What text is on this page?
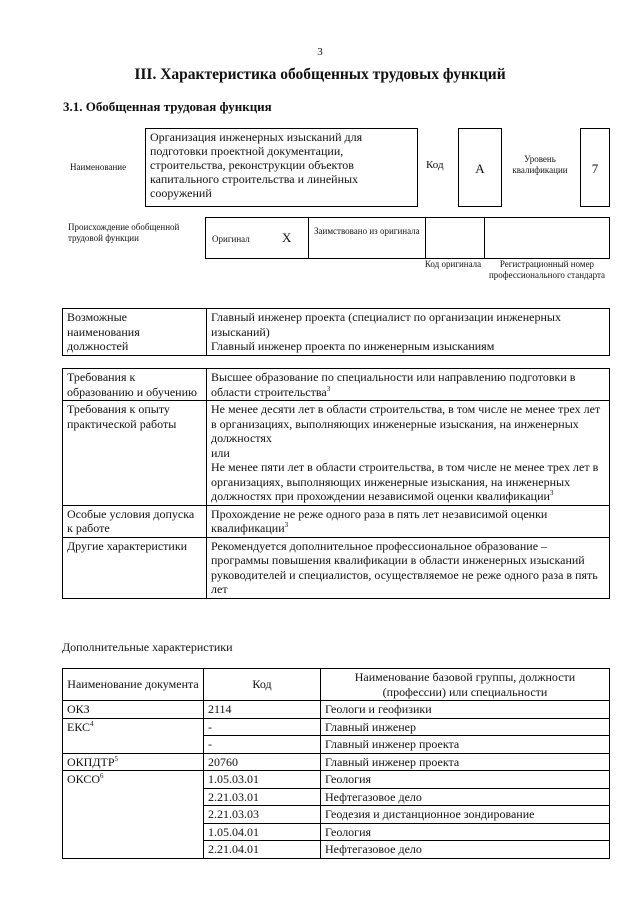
3
III. Характеристика обобщенных трудовых функций
3.1. Обобщенная трудовая функция
Наименование
Организация инженерных изысканий для подготовки проектной документации, строительства, реконструкции объектов капитального строительства и линейных сооружений
Код	А
Уровень квалификации	7
Происхождение обобщенной трудовой функции	Оригинал Х	Заимствовано из оригинала
Код оригинала	Регистрационный номер профессионального стандарта
Возможные наименования должностей	Главный инженер проекта (специалист по организации инженерных изысканий)
Главный инженер проекта по инженерным изысканиям
Требования к образованию и обучению	Высшее образование по специальности или направлению подготовки в области строительства$^3$
Требования к опыту практической работы	Не менее десяти лет в области строительства, в том числе не менее трех лет в организациях, выполняющих инженерные изыскания, на инженерных должностях
или
Не менее пяти лет в области строительства, в том числе не менее трех лет в организациях, выполняющих инженерные изыскания, на инженерных должностях при прохождении независимой оценки квалификации$^3$
Особые условия допуска к работе	Прохождение не реже одного раза в пять лет независимой оценки квалификации$^3$
Другие характеристики	Рекомендуется дополнительное профессиональное образование – программы повышения квалификации в области инженерных изысканий руководителей и специалистов, осуществляемое не реже одного раза в пять лет
Дополнительные характеристики
Наименование документа	Код	Наименование базовой группы, должности (профессии) или специальности
ОКЗ	2114	Геологи и геофизики
ЕКС$^4$	-	Главный инженер
	-	Главный инженер проекта
ОКПДТР$^5$	20760	Главный инженер проекта
ОКСО$^6$	1.05.03.01	Геология
	2.21.03.01	Нефтегазовое дело
	2.21.03.03	Геодезия и дистанционное зондирование
	1.05.04.01	Геология
	2.21.04.01	Нефтегазовое дело
